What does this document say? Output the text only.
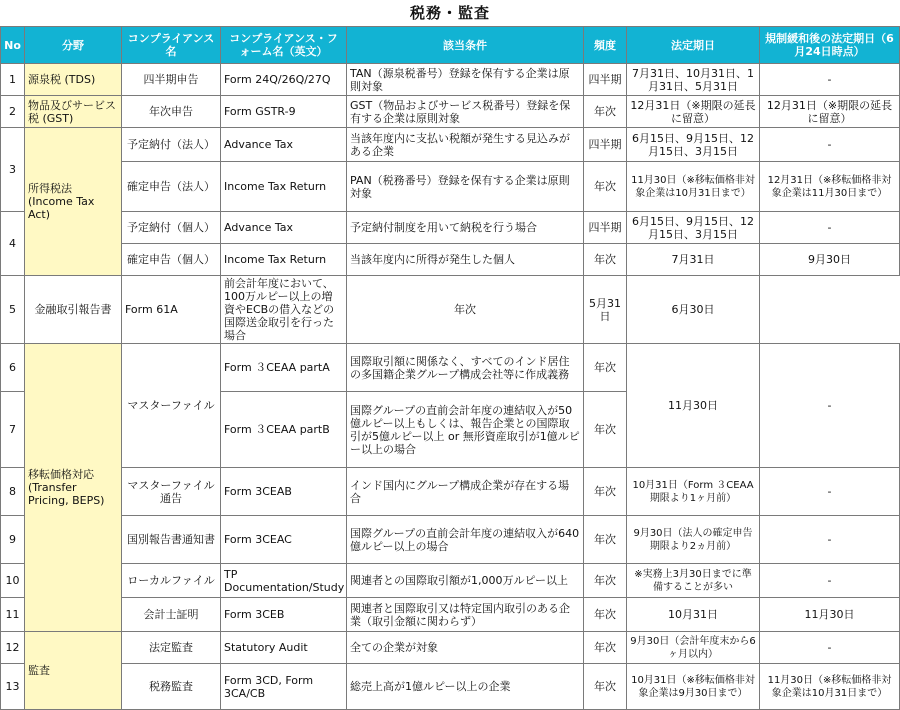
税務・監査
No	分野	コンプライアンス名	コンプライアンス・フォーム名（英文）	該当条件	頻度	法定期日	規制緩和後の法定期日（6月24日時点）
1	源泉税 (TDS)	四半期申告	Form 24Q/26Q/27Q	TAN（源泉税番号）登録を保有する企業は原則対象	四半期	7月31日、10月31日、1月31日、5月31日	-
2	物品及びサービス税 (GST)	年次申告	Form GSTR-9	GST（物品およびサービス税番号）登録を保有する企業は原則対象	年次	12月31日（※期限の延長に留意）	12月31日（※期限の延長に留意）
3	所得税法 (Income Tax Act)	予定納付（法人）	Advance Tax	当該年度内に支払い税額が発生する見込みがある企業	四半期	6月15日、9月15日、12月15日、3月15日	-
		確定申告（法人）	Income Tax Return	PAN（税務番号）登録を保有する企業は原則対象	年次	11月30日（※移転価格非対象企業は10月31日まで）	12月31日（※移転価格非対象企業は11月30日まで）
4		予定納付（個人）	Advance Tax	予定納付制度を用いて納税を行う場合	四半期	6月15日、9月15日、12月15日、3月15日	-
		確定申告（個人）	Income Tax Return	当該年度内に所得が発生した個人	年次	7月31日	9月30日
5	金融取引報告書	Form 61A	前会計年度において、100万ルピー以上の増資やECBの借入などの国際送金取引を行った場合	年次	5月31日	6月30日	
6	移転価格対応 (Transfer Pricing, BEPS)	マスターファイル	Form ３CEAA partA	国際取引額に関係なく、すべてのインド居住の多国籍企業グループ構成会社等に作成義務	年次	11月30日	-
7			Form ３CEAA partB	国際グループの直前会計年度の連結収入が50億ルピー以上もしくは、報告企業との国際取引が5億ルピー以上 or 無形資産取引が1億ルピー以上の場合	年次		
8		マスターファイル通告	Form 3CEAB	インド国内にグループ構成企業が存在する場合	年次	10月31日（Form ３CEAA期限より1ヶ月前）	-
9		国別報告書通知書	Form 3CEAC	国際グループの直前会計年度の連結収入が640億ルピー以上の場合	年次	9月30日（法人の確定申告期限より2ヵ月前）	-
10		ローカルファイル	TP Documentation/Study	関連者との国際取引額が1,000万ルピー以上	年次	※実務上3月30日までに準備することが多い	-
11		会計士証明	Form 3CEB	関連者と国際取引又は特定国内取引のある企業（取引金額に関わらず）	年次	10月31日	11月30日
12	監査	法定監査	Statutory Audit	全ての企業が対象	年次	9月30日（会計年度末から6ヶ月以内）	-
13		税務監査	Form 3CD, Form 3CA/CB	総売上高が1億ルピー以上の企業	年次	10月31日（※移転価格非対象企業は9月30日まで）	11月30日（※移転価格非対象企業は10月31日まで）
